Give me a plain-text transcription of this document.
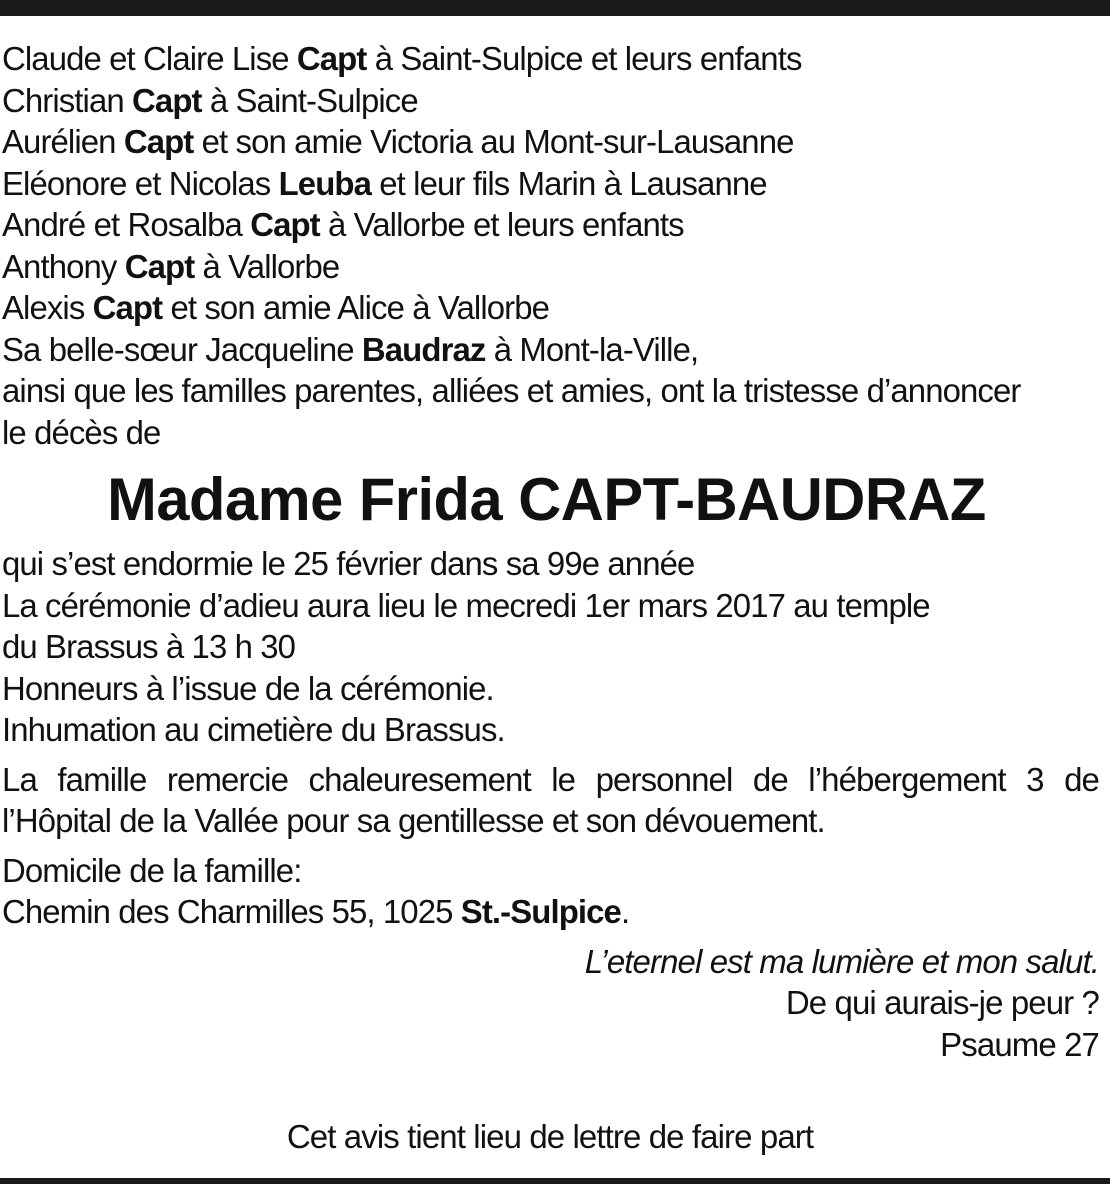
Claude et Claire Lise Capt à Saint-Sulpice et leurs enfants
Christian Capt à Saint-Sulpice
Aurélien Capt et son amie Victoria au Mont-sur-Lausanne
Eléonore et Nicolas Leuba et leur fils Marin à Lausanne
André et Rosalba Capt à Vallorbe et leurs enfants
Anthony Capt à Vallorbe
Alexis Capt et son amie Alice à Vallorbe
Sa belle-sœur Jacqueline Baudraz à Mont-la-Ville,
ainsi que les familles parentes, alliées et amies, ont la tristesse d’annoncer
le décès de
Madame Frida CAPT-BAUDRAZ
qui s’est endormie le 25 février dans sa 99e année
La cérémonie d’adieu aura lieu le mecredi 1er mars 2017 au temple
du Brassus à 13 h 30
Honneurs à l’issue de la cérémonie.
Inhumation au cimetière du Brassus.
La famille remercie chaleuresement le personnel de l’hébergement 3 de
l’Hôpital de la Vallée pour sa gentillesse et son dévouement.
Domicile de la famille:
Chemin des Charmilles 55, 1025 St.-Sulpice.
L’eternel est ma lumière et mon salut.
De qui aurais-je peur ?
Psaume 27
Cet avis tient lieu de lettre de faire part
